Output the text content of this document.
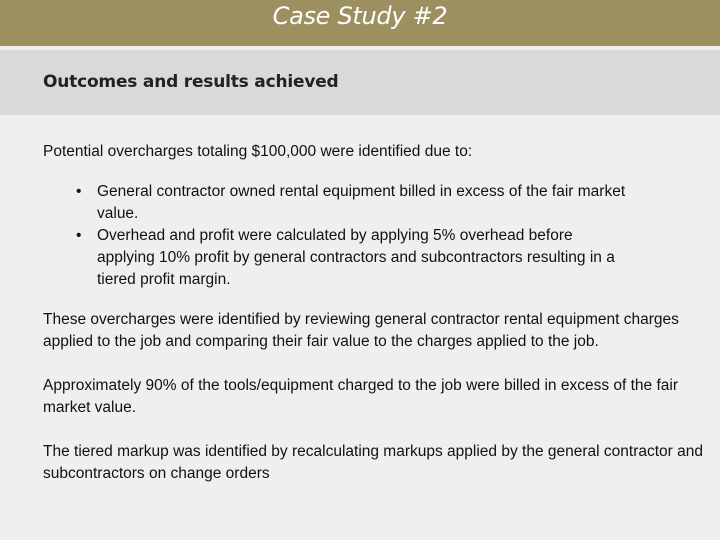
Case Study #2
Outcomes and results achieved

Potential overcharges totaling $100,000 were identified due to:

• General contractor owned rental equipment billed in excess of the fair market value.
• Overhead and profit were calculated by applying 5% overhead before applying 10% profit by general contractors and subcontractors resulting in a tiered profit margin.

These overcharges were identified by reviewing general contractor rental equipment charges applied to the job and comparing their fair value to the charges applied to the job.

Approximately 90% of the tools/equipment charged to the job were billed in excess of the fair market value.

The tiered markup was identified by recalculating markups applied by the general contractor and subcontractors on change orders
